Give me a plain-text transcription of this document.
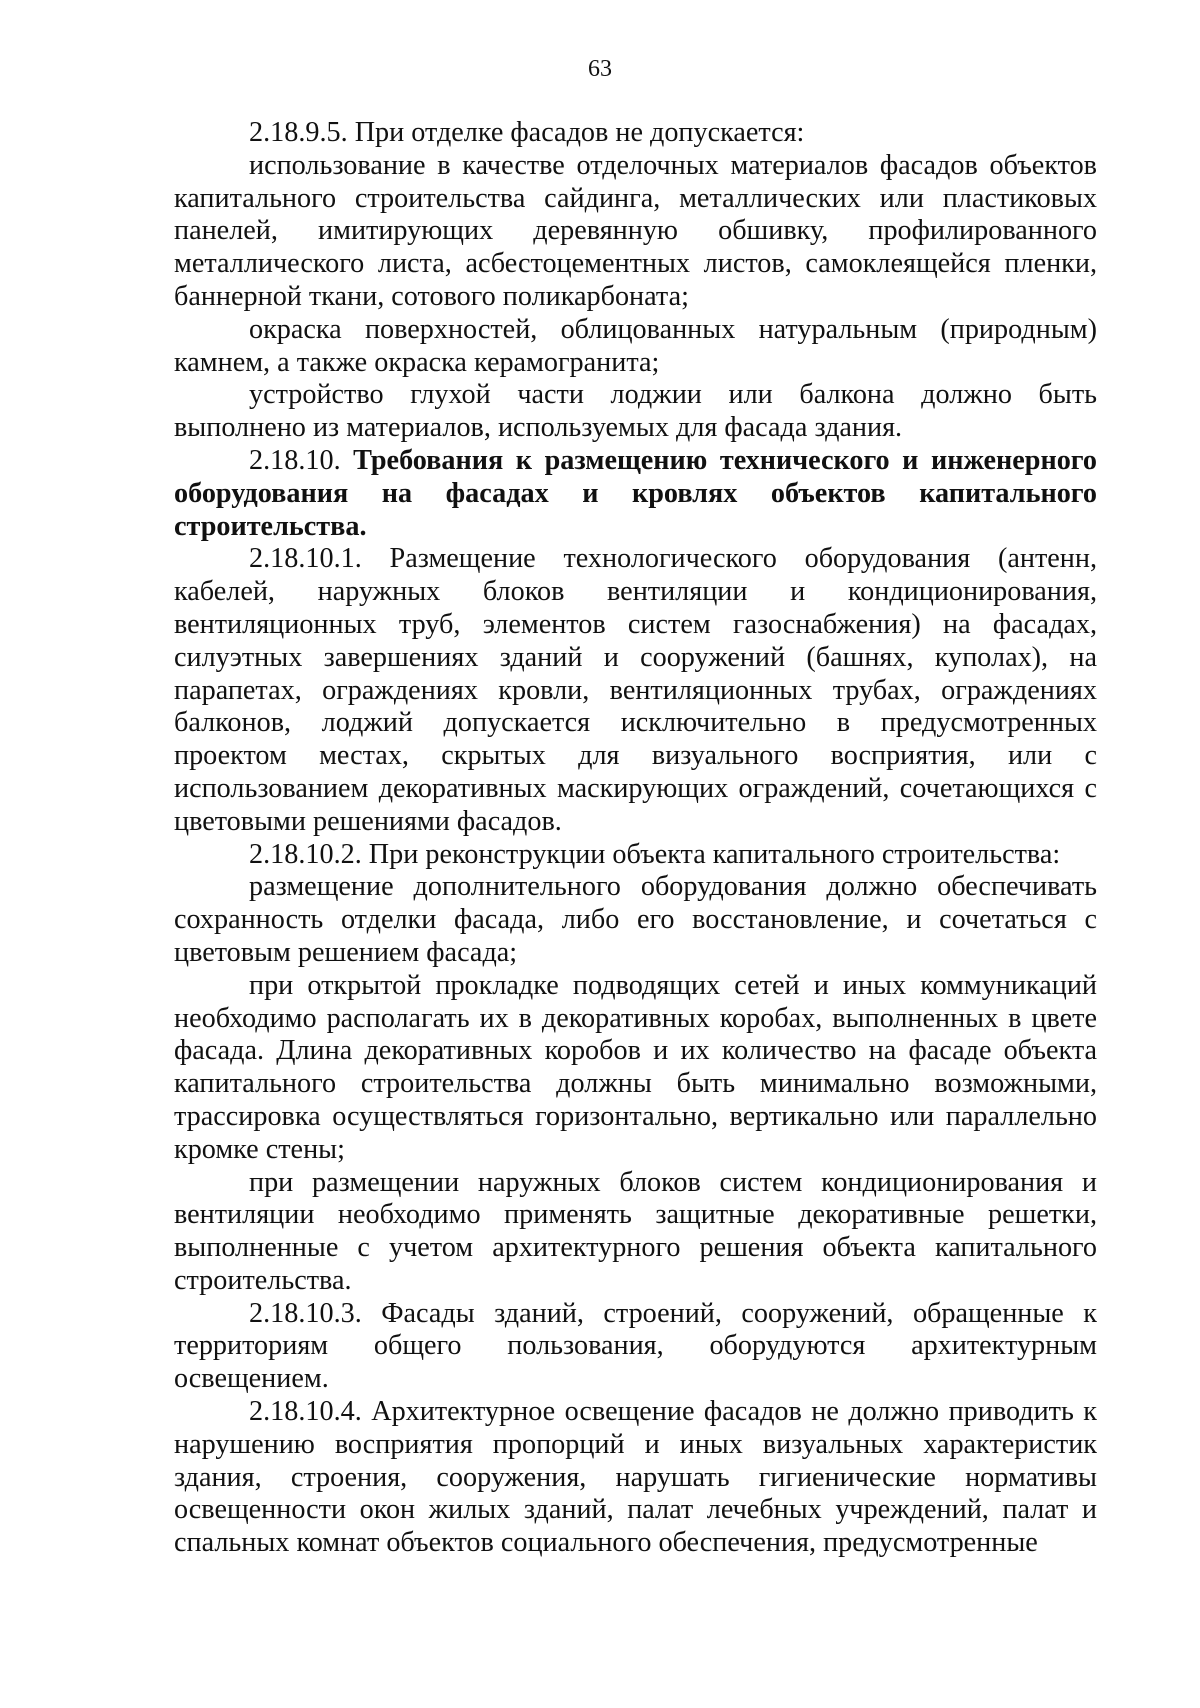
63

2.18.9.5. При отделке фасадов не допускается:

использование в качестве отделочных материалов фасадов объектов капитального строительства сайдинга, металлических или пластиковых панелей, имитирующих деревянную обшивку, профилированного металлического листа, асбестоцементных листов, самоклеящейся пленки, баннерной ткани, сотового поликарбоната;

окраска поверхностей, облицованных натуральным (природным) камнем, а также окраска керамогранита;

устройство глухой части лоджии или балкона должно быть выполнено из материалов, используемых для фасада здания.

2.18.10. Требования к размещению технического и инженерного оборудования на фасадах и кровлях объектов капитального строительства.

2.18.10.1. Размещение технологического оборудования (антенн, кабелей, наружных блоков вентиляции и кондиционирования, вентиляционных труб, элементов систем газоснабжения) на фасадах, силуэтных завершениях зданий и сооружений (башнях, куполах), на парапетах, ограждениях кровли, вентиляционных трубах, ограждениях балконов, лоджий допускается исключительно в предусмотренных проектом местах, скрытых для визуального восприятия, или с использованием декоративных маскирующих ограждений, сочетающихся с цветовыми решениями фасадов.

2.18.10.2. При реконструкции объекта капитального строительства:

размещение дополнительного оборудования должно обеспечивать сохранность отделки фасада, либо его восстановление, и сочетаться с цветовым решением фасада;

при открытой прокладке подводящих сетей и иных коммуникаций необходимо располагать их в декоративных коробах, выполненных в цвете фасада. Длина декоративных коробов и их количество на фасаде объекта капитального строительства должны быть минимально возможными, трассировка осуществляться горизонтально, вертикально или параллельно кромке стены;

при размещении наружных блоков систем кондиционирования и вентиляции необходимо применять защитные декоративные решетки, выполненные с учетом архитектурного решения объекта капитального строительства.

2.18.10.3. Фасады зданий, строений, сооружений, обращенные к территориям общего пользования, оборудуются архитектурным освещением.

2.18.10.4. Архитектурное освещение фасадов не должно приводить к нарушению восприятия пропорций и иных визуальных характеристик здания, строения, сооружения, нарушать гигиенические нормативы освещенности окон жилых зданий, палат лечебных учреждений, палат и спальных комнат объектов социального обеспечения, предусмотренные
